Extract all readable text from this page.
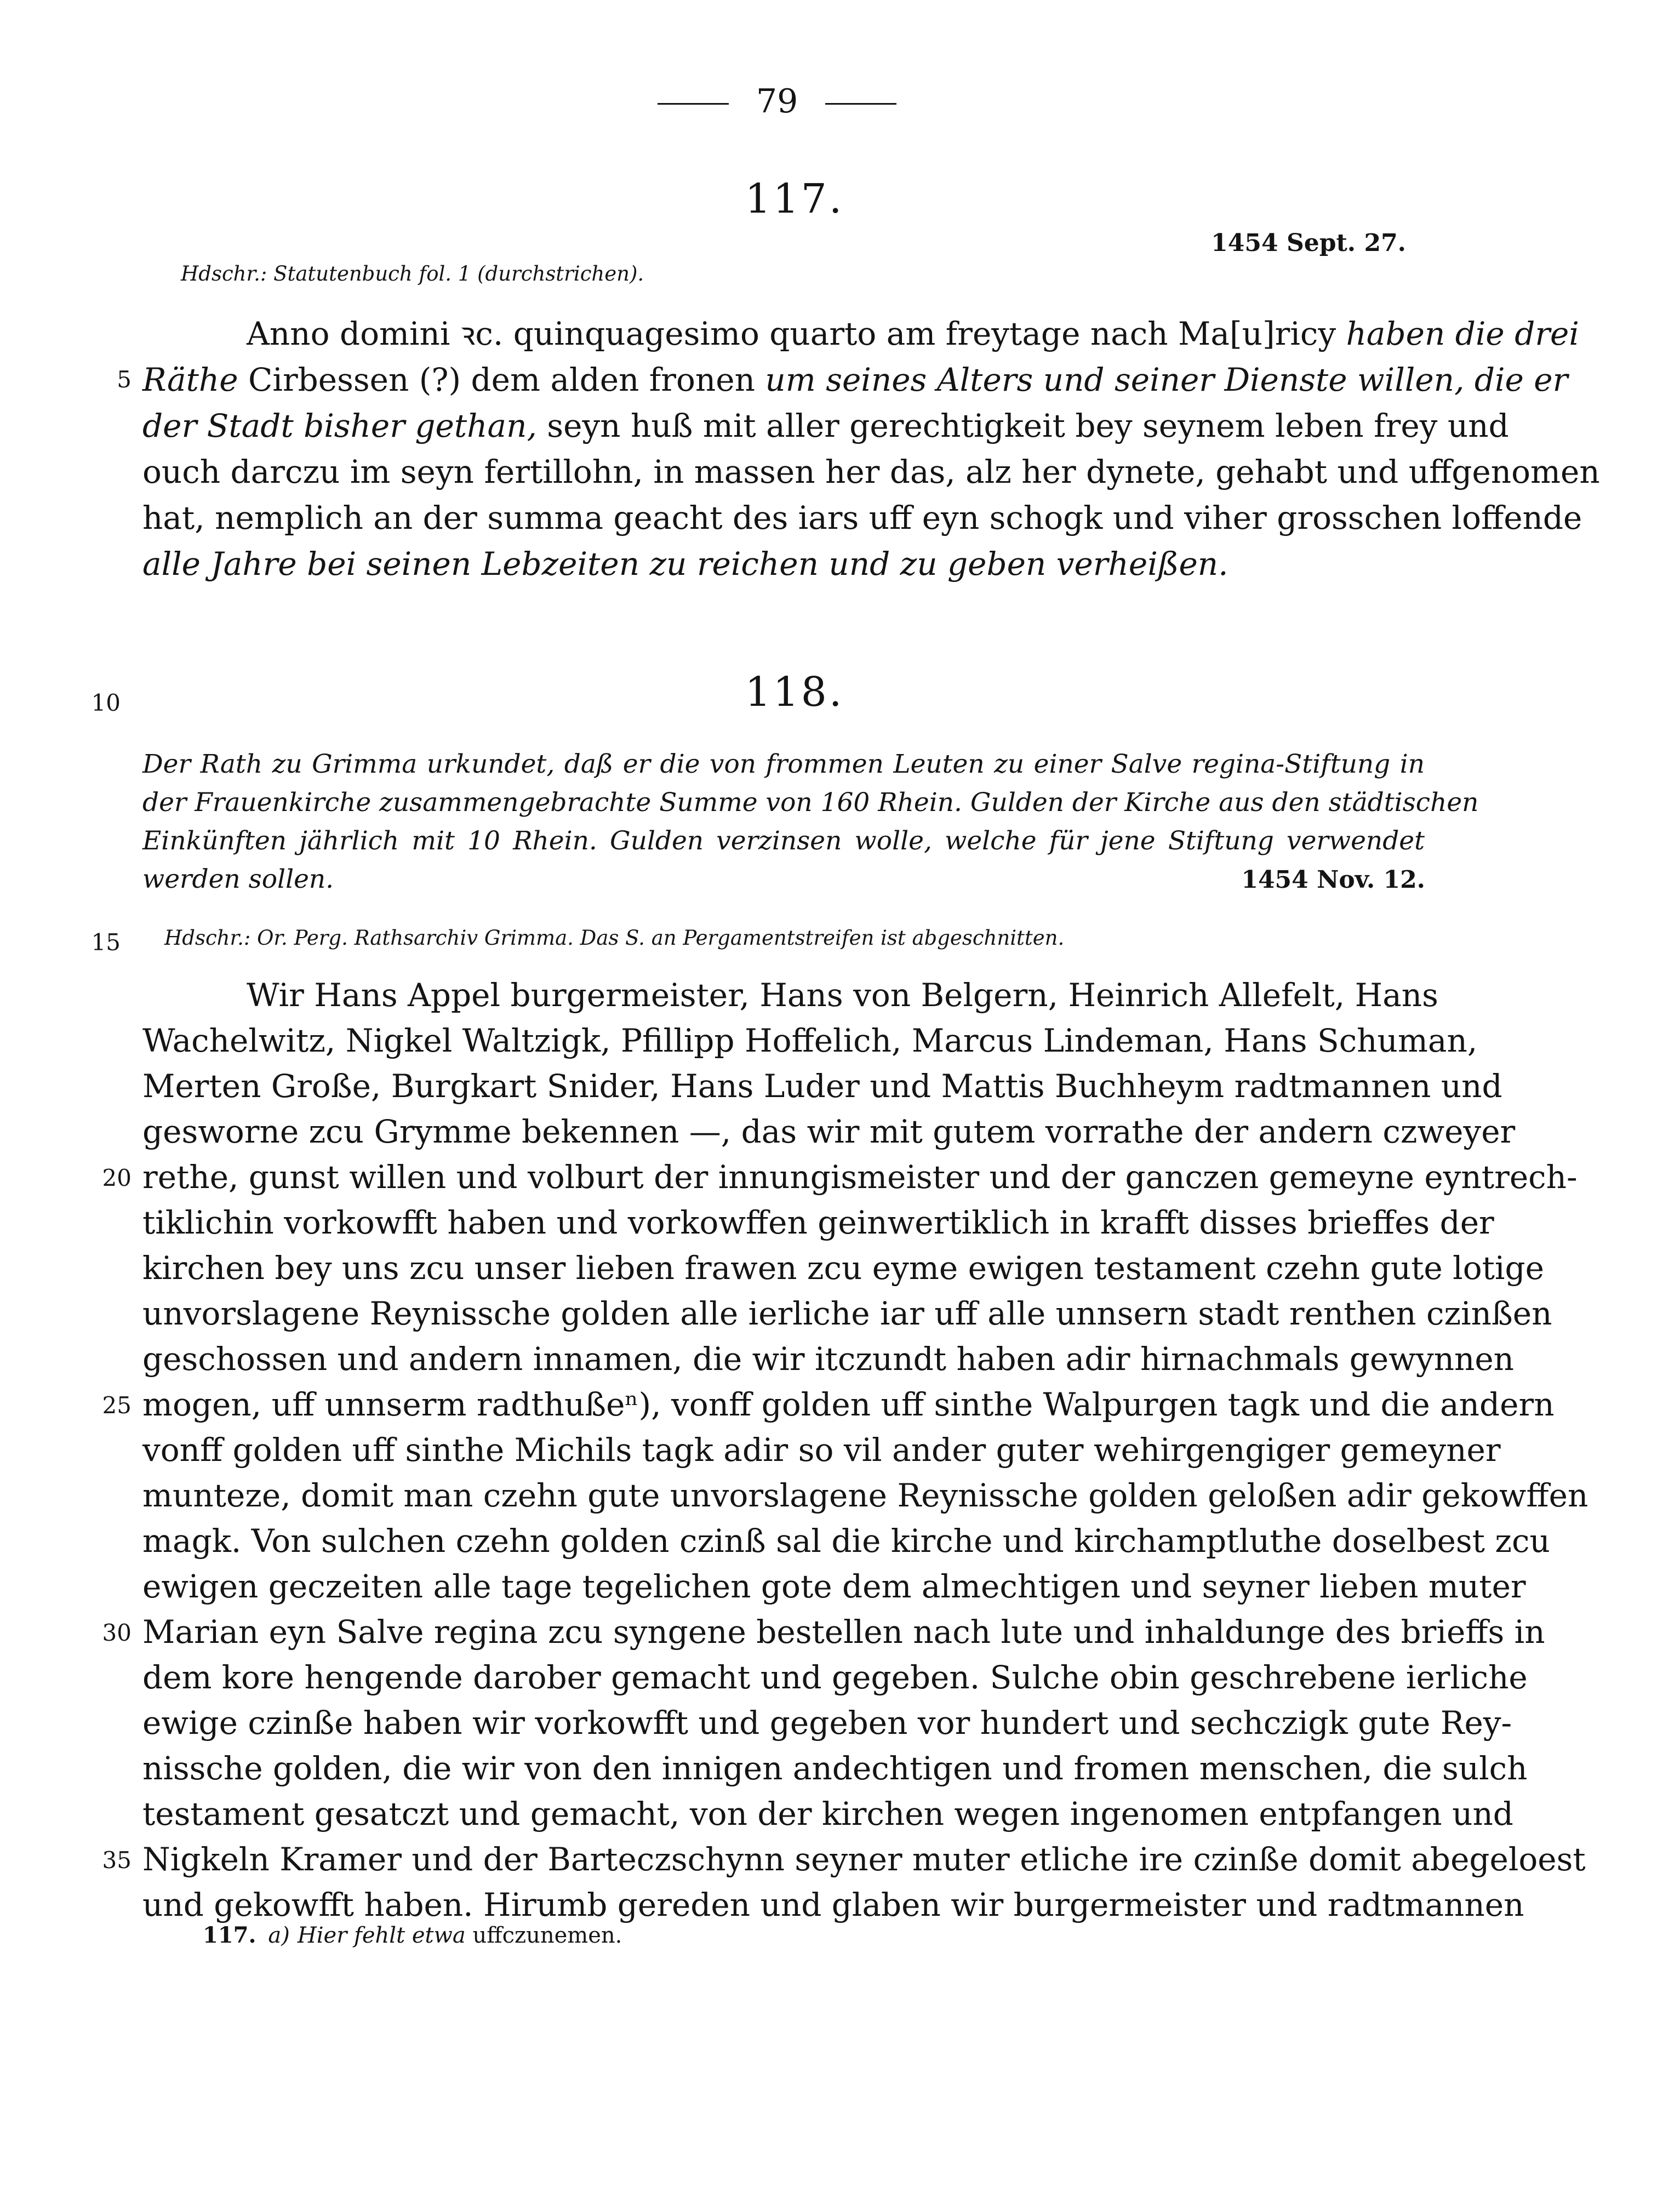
79
117.
1454 Sept. 27.
Hdschr.: Statutenbuch fol. 1 (durchstrichen).
Anno domini ꝛc. quinquagesimo quarto am freytage nach Ma[u]ricy haben die drei
Räthe Cirbessen (?) dem alden fronen um seines Alters und seiner Dienste willen, die er
der Stadt bisher gethan, seyn huß mit aller gerechtigkeit bey seynem leben frey und
ouch darczu im seyn fertillohn, in massen her das, alz her dynete, gehabt und uffgenomen
hat, nemplich an der summa geacht des iars uff eyn schogk und viher grosschen loffende
alle Jahre bei seinen Lebzeiten zu reichen und zu geben verheißen.
118.
Der Rath zu Grimma urkundet, daß er die von frommen Leuten zu einer Salve regina-Stiftung in
der Frauenkirche zusammengebrachte Summe von 160 Rhein. Gulden der Kirche aus den städtischen
Einkünften jährlich mit 10 Rhein. Gulden verzinsen wolle, welche für jene Stiftung verwendet
werden sollen.	1454 Nov. 12.
Hdschr.: Or. Perg. Rathsarchiv Grimma. Das S. an Pergamentstreifen ist abgeschnitten.
Wir Hans Appel burgermeister, Hans von Belgern, Heinrich Allefelt, Hans
Wachelwitz, Nigkel Waltzigk, Pfillipp Hoffelich, Marcus Lindeman, Hans Schuman,
Merten Große, Burgkart Snider, Hans Luder und Mattis Buchheym radtmannen und
gesworne zcu Grymme bekennen —, das wir mit gutem vorrathe der andern czweyer
rethe, gunst willen und volburt der innungismeister und der ganczen gemeyne eyntrech-
tiklichin vorkowfft haben und vorkowffen geinwertiklich in krafft disses brieffes der
kirchen bey uns zcu unser lieben frawen zcu eyme ewigen testament czehn gute lotige
unvorslagene Reynissche golden alle ierliche iar uff alle unnsern stadt renthen czinßen
geschossen und andern innamen, die wir itczundt haben adir hirnachmals gewynnen
mogen, uff unnserm radthußeⁿ), vonff golden uff sinthe Walpurgen tagk und die andern
vonff golden uff sinthe Michils tagk adir so vil ander guter wehirgengiger gemeyner
munteze, domit man czehn gute unvorslagene Reynissche golden geloßen adir gekowffen
magk. Von sulchen czehn golden czinß sal die kirche und kirchamptluthe doselbest zcu
ewigen geczeiten alle tage tegelichen gote dem almechtigen und seyner lieben muter
Marian eyn Salve regina zcu syngene bestellen nach lute und inhaldunge des brieffs in
dem kore hengende darober gemacht und gegeben. Sulche obin geschrebene ierliche
ewige czinße haben wir vorkowfft und gegeben vor hundert und sechczigk gute Rey-
nissche golden, die wir von den innigen andechtigen und fromen menschen, die sulch
testament gesatczt und gemacht, von der kirchen wegen ingenomen entpfangen und
Nigkeln Kramer und der Barteczschynn seyner muter etliche ire czinße domit abegeloest
und gekowfft haben. Hirumb gereden und glaben wir burgermeister und radtmannen
5
10
15
20
25
30
35
117. a) Hier fehlt etwa uffczunemen.
